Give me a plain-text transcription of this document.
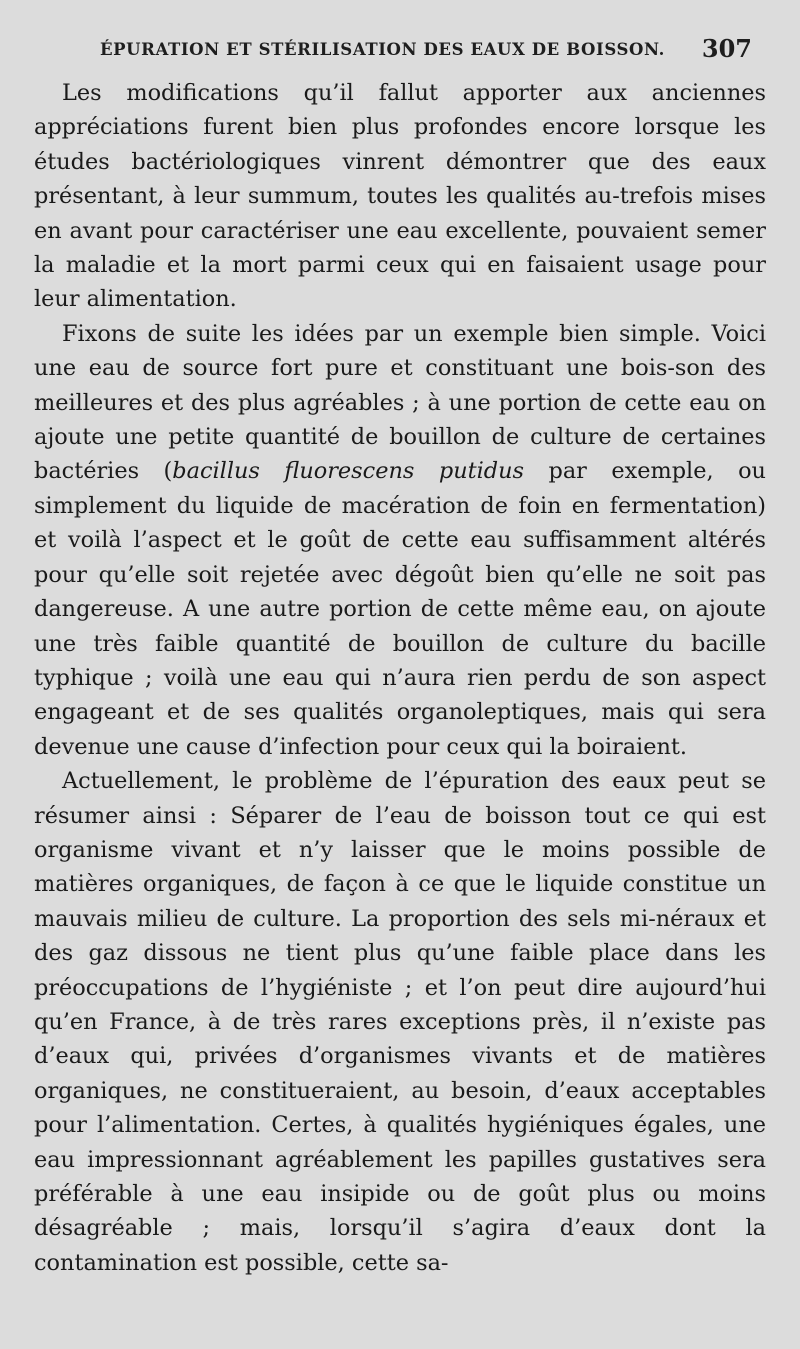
ÉPURATION ET STÉRILISATION DES EAUX DE BOISSON. 307

Les modifications qu’il fallut apporter aux anciennes appréciations furent bien plus profondes encore lorsque les études bactériologiques vinrent démontrer que des eaux présentant, à leur summum, toutes les qualités au-trefois mises en avant pour caractériser une eau excellente, pouvaient semer la maladie et la mort parmi ceux qui en faisaient usage pour leur alimentation.

Fixons de suite les idées par un exemple bien simple. Voici une eau de source fort pure et constituant une bois-son des meilleures et des plus agréables ; à une portion de cette eau on ajoute une petite quantité de bouillon de culture de certaines bactéries (bacillus fluorescens putidus par exemple, ou simplement du liquide de macération de foin en fermentation) et voilà l’aspect et le goût de cette eau suffisamment altérés pour qu’elle soit rejetée avec dégoût bien qu’elle ne soit pas dangereuse. A une autre portion de cette même eau, on ajoute une très faible quantité de bouillon de culture du bacille typhique ; voilà une eau qui n’aura rien perdu de son aspect engageant et de ses qualités organoleptiques, mais qui sera devenue une cause d’infection pour ceux qui la boiraient.

Actuellement, le problème de l’épuration des eaux peut se résumer ainsi : Séparer de l’eau de boisson tout ce qui est organisme vivant et n’y laisser que le moins possible de matières organiques, de façon à ce que le liquide constitue un mauvais milieu de culture. La proportion des sels mi-néraux et des gaz dissous ne tient plus qu’une faible place dans les préoccupations de l’hygiéniste ; et l’on peut dire aujourd’hui qu’en France, à de très rares exceptions près, il n’existe pas d’eaux qui, privées d’organismes vivants et de matières organiques, ne constitueraient, au besoin, d’eaux acceptables pour l’alimentation. Certes, à qualités hygiéniques égales, une eau impressionnant agréablement les papilles gustatives sera préférable à une eau insipide ou de goût plus ou moins désagréable ; mais, lorsqu’il s’agira d’eaux dont la contamination est possible, cette sa-
